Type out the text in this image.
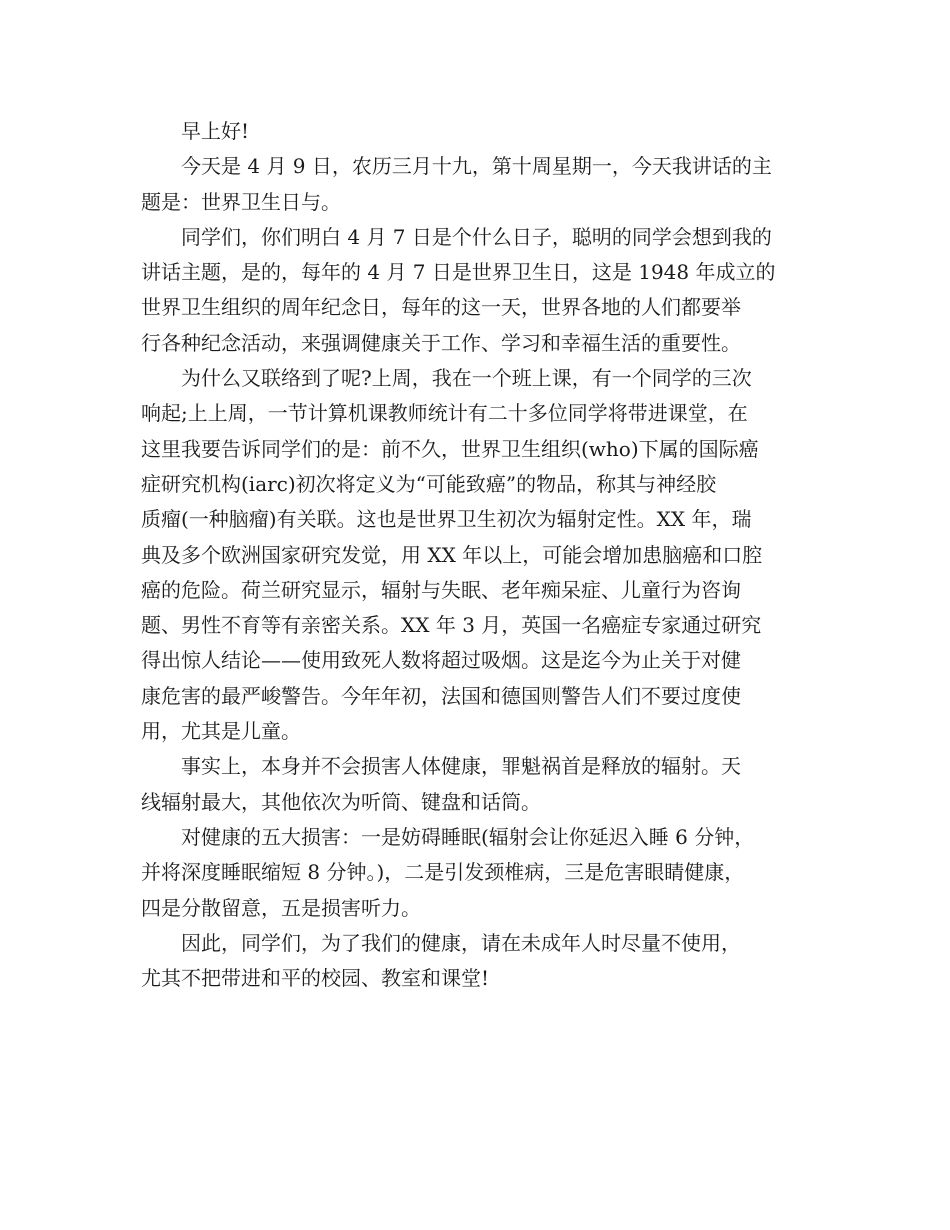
早上好!
今天是 4 月 9 日，农历三月十九，第十周星期一，今天我讲话的主
题是：世界卫生日与。
同学们，你们明白 4 月 7 日是个什么日子，聪明的同学会想到我的
讲话主题，是的，每年的 4 月 7 日是世界卫生日，这是 1948 年成立的
世界卫生组织的周年纪念日，每年的这一天，世界各地的人们都要举
行各种纪念活动，来强调健康关于工作、学习和幸福生活的重要性。
为什么又联络到了呢?上周，我在一个班上课，有一个同学的三次
响起;上上周，一节计算机课教师统计有二十多位同学将带进课堂，在
这里我要告诉同学们的是：前不久，世界卫生组织(who)下属的国际癌
症研究机构(iarc)初次将定义为“可能致癌”的物品，称其与神经胶
质瘤(一种脑瘤)有关联。这也是世界卫生初次为辐射定性。XX 年，瑞
典及多个欧洲国家研究发觉，用 XX 年以上，可能会增加患脑癌和口腔
癌的危险。荷兰研究显示，辐射与失眠、老年痴呆症、儿童行为咨询
题、男性不育等有亲密关系。XX 年 3 月，英国一名癌症专家通过研究
得出惊人结论——使用致死人数将超过吸烟。这是迄今为止关于对健
康危害的最严峻警告。今年年初，法国和德国则警告人们不要过度使
用，尤其是儿童。
事实上，本身并不会损害人体健康，罪魁祸首是释放的辐射。天
线辐射最大，其他依次为听筒、键盘和话筒。
对健康的五大损害：一是妨碍睡眠(辐射会让你延迟入睡 6 分钟，
并将深度睡眠缩短 8 分钟。)，二是引发颈椎病，三是危害眼睛健康，
四是分散留意，五是损害听力。
因此，同学们，为了我们的健康，请在未成年人时尽量不使用，
尤其不把带进和平的校园、教室和课堂!
